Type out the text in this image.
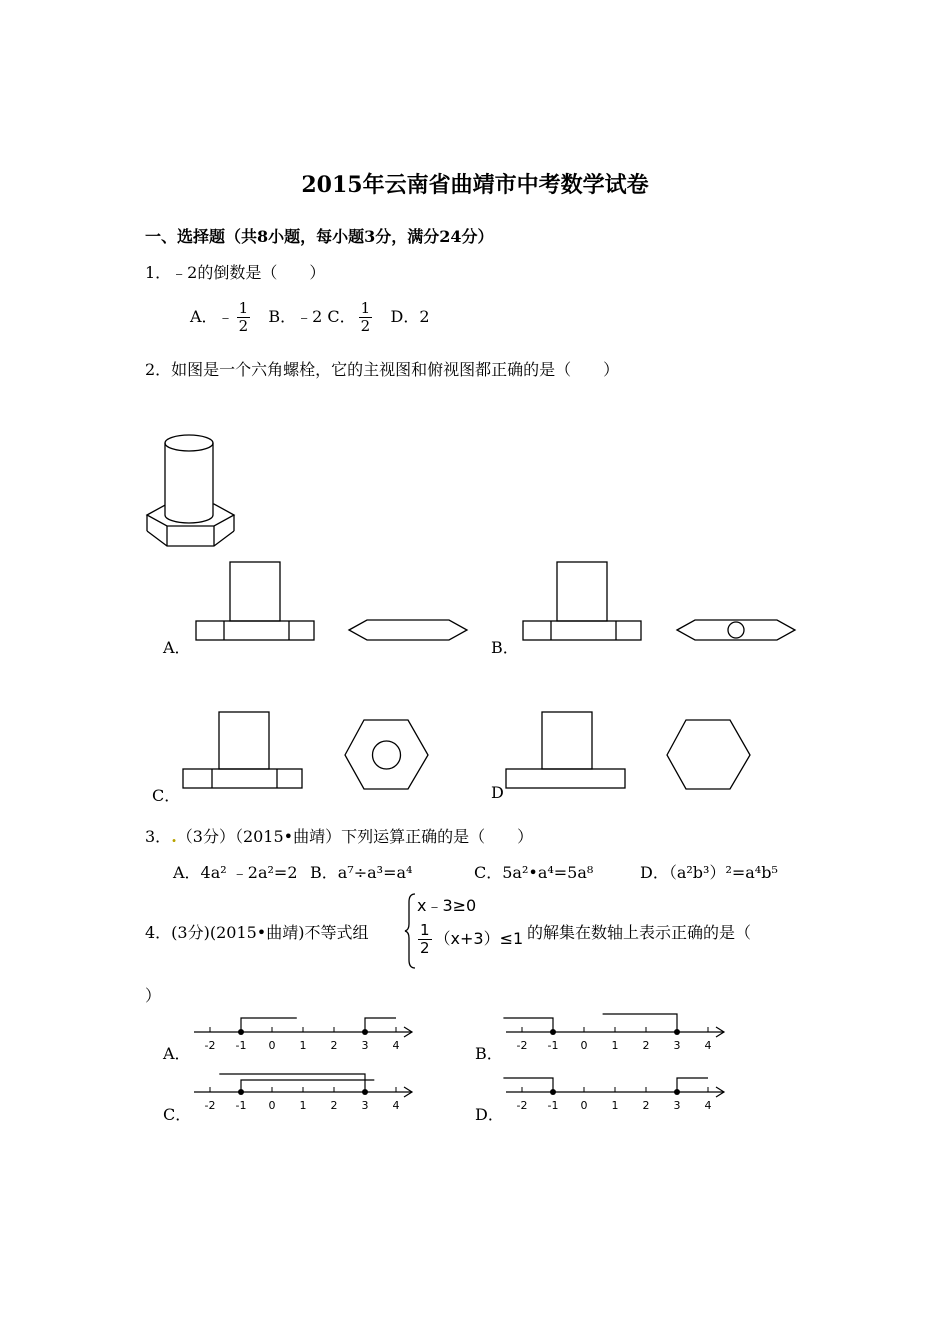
2015年云南省曲靖市中考数学试卷
一、选择题（共8小题，每小题3分，满分24分）
1．﹣2的倒数是（　　）
A．﹣ $\frac{1}{2}$ B．﹣2 C． $\frac{1}{2}$ D．2
2．如图是一个六角螺栓，它的主视图和俯视图都正确的是（　　）
A．	B．
C．	D
3．.（3分）（2015•曲靖）下列运算正确的是（　　）
A．4a² ﹣2a²=2 B．a⁷÷a³=a⁴	C．5a²•a⁴=5a⁸	D．（a²b³）²=a⁴b⁵
4．(3分)(2015•曲靖)不等式组
x﹣3≥0
$\frac{1}{2} (x+3)\le 1$ 的解集在数轴上表示正确的是（
）
A．	B．
C．	D．
-2 -1 0 1 2 3 4	-2 -1 0 1 2 3 4
-2 -1 0 1 2 3 4	-2 -1 0 1 2 3 4
